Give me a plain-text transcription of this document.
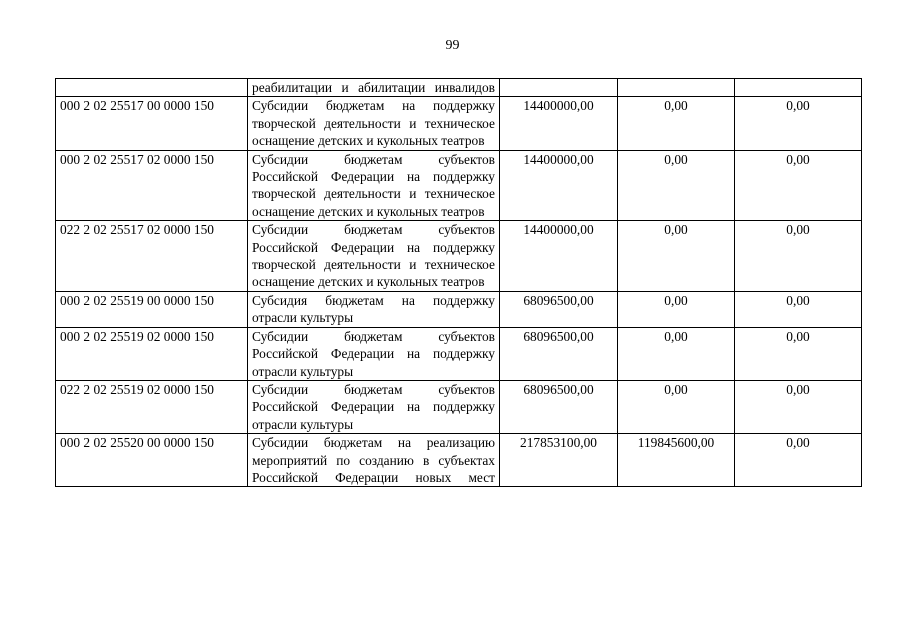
99
	реабилитации и абилитации инвалидов			
000 2 02 25517 00 0000 150	Субсидии бюджетам на поддержку творческой деятельности и техническое оснащение детских и кукольных театров	14400000,00	0,00	0,00
000 2 02 25517 02 0000 150	Субсидии бюджетам субъектов Российской Федерации на поддержку творческой деятельности и техническое оснащение детских и кукольных театров	14400000,00	0,00	0,00
022 2 02 25517 02 0000 150	Субсидии бюджетам субъектов Российской Федерации на поддержку творческой деятельности и техническое оснащение детских и кукольных театров	14400000,00	0,00	0,00
000 2 02 25519 00 0000 150	Субсидия бюджетам на поддержку отрасли культуры	68096500,00	0,00	0,00
000 2 02 25519 02 0000 150	Субсидии бюджетам субъектов Российской Федерации на поддержку отрасли культуры	68096500,00	0,00	0,00
022 2 02 25519 02 0000 150	Субсидии бюджетам субъектов Российской Федерации на поддержку отрасли культуры	68096500,00	0,00	0,00
000 2 02 25520 00 0000 150	Субсидии бюджетам на реализацию мероприятий по созданию в субъектах Российской Федерации новых мест	217853100,00	119845600,00	0,00
